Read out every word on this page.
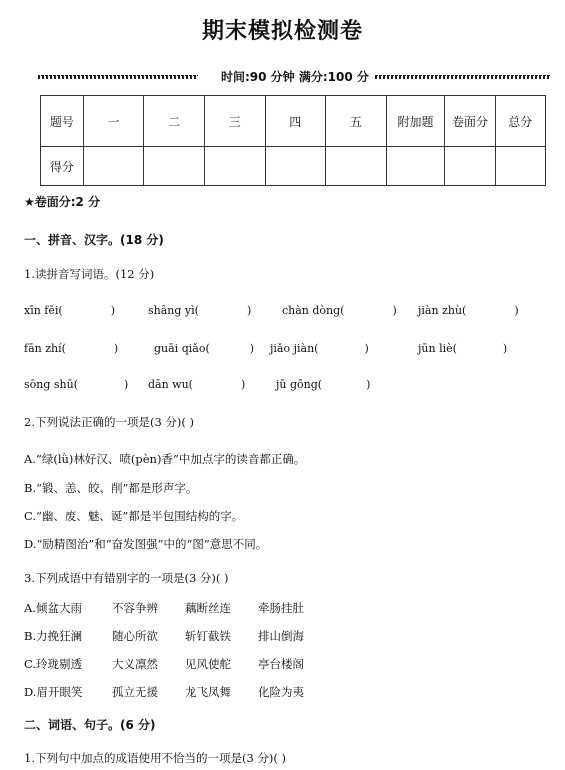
期末模拟检测卷
时间:90 分钟 满分:100 分
题号	一	二	三	四	五	附加题	卷面分	总分
得分								
★卷面分:2 分
一、拼音、汉字。(18 分)
1.读拼音写词语。(12 分)
xīn fēi(	)	shāng yì(	)	chàn dòng(	) jiàn zhù(	)
fān zhí(	)	guāi qiǎo(	) jiǎo jiàn(	)	jūn liè(	)
sōng shū(	) dān wu(	)	jū gōng(	)
2.下列说法正确的一项是(3 分)( )
A.“绿(lǜ)林好汉、喷(pèn)香”中加点字的读音都正确。
B.“锻、恙、皎、削”都是形声字。
C.“幽、废、魅、诞”都是半包围结构的字。
D.“励精图治”和“奋发图强”中的“图”意思不同。
3.下列成语中有错别字的一项是(3 分)( )
A.倾盆大雨	不容争辨 藕断丝连 牵肠挂肚
B.力挽狂澜	随心所欲 斩钉截铁 排山倒海
C.玲珑剔透	大义凛然 见风使舵 亭台楼阁
D.眉开眼笑	孤立无援 龙飞凤舞 化险为夷
二、词语、句子。(6 分)
1.下列句中加点的成语使用不恰当的一项是(3 分)( )
